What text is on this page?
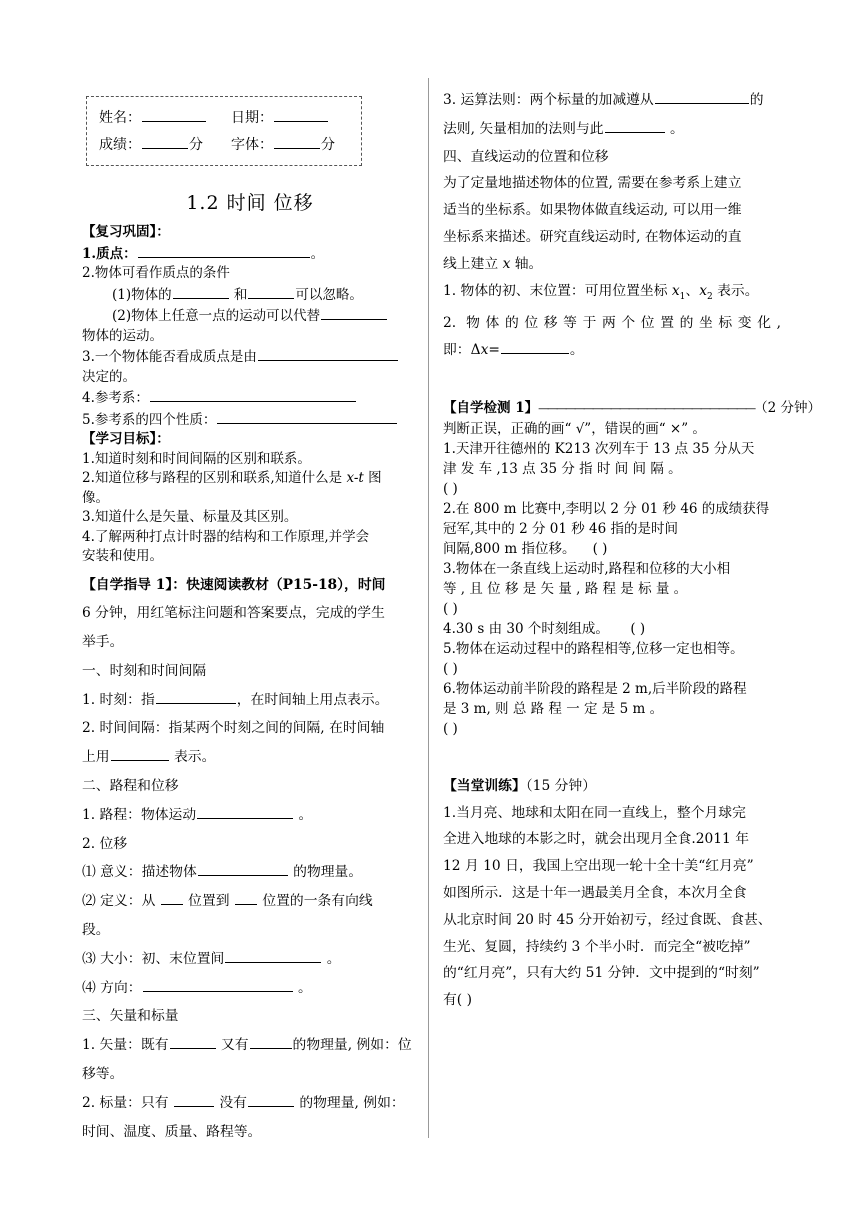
姓名：	日期：
成绩：	分	字体：	分
1.2 时间 位移

【复习巩固】：

1.质点：	。

2.物体可看作质点的条件

(1)物体的	和	可以忽略。

(2)物体上任意一点的运动可以代替

物体的运动。

3.一个物体能否看成质点是由

决定的。

4.参考系：

5.参考系的四个性质：

【学习目标】：

1.知道时刻和时间间隔的区别和联系。

2.知道位移与路程的区别和联系,知道什么是 x-t 图

像。

3.知道什么是矢量、标量及其区别。

4.了解两种打点计时器的结构和工作原理,并学会

安装和使用。

【自学指导 1】：快速阅读教材（P15-18），时间

6 分钟，用红笔标注问题和答案要点，完成的学生

举手。

一、时刻和时间间隔

1. 时刻：指	，在时间轴上用点表示。

2. 时间间隔：指某两个时刻之间的间隔, 在时间轴

上用	表示。

二、路程和位移

1. 路程：物体运动	。

2. 位移

⑴ 意义：描述物体	的物理量。

⑵ 定义：从 位置到 位置的一条有向线

段。

⑶ 大小：初、末位置间	。

⑷ 方向：	。

三、矢量和标量

1. 矢量：既有	又有	的物理量, 例如：位

移等。

2. 标量：只有	没有	的物理量, 例如：

时间、温度、质量、路程等。

3. 运算法则：两个标量的加减遵从	的

法则, 矢量相加的法则与此	。

四、直线运动的位置和位移

为了定量地描述物体的位置, 需要在参考系上建立

适当的坐标系。如果物体做直线运动, 可以用一维

坐标系来描述。研究直线运动时, 在物体运动的直

线上建立 x 轴。

1. 物体的初、末位置：可用位置坐标 $x_1$、$x_2$ 表示。

2. 物体的位移等于两个位置的坐标变化,

即：Δx=	。

【自学检测 1】————————————————————————（2 分钟）

判断正误，正确的画“ √”，错误的画“ ×” 。

1.天津开往德州的 K213 次列车于 13 点 35 分从天

津 发 车 ,13 点 35 分 指 时 间 间 隔 。

( )

2.在 800 m 比赛中,李明以 2 分 01 秒 46 的成绩获得

冠军,其中的 2 分 01 秒 46 指的是时间

间隔,800 m 指位移。 ( )

3.物体在一条直线上运动时,路程和位移的大小相

等 , 且 位 移 是 矢 量 , 路 程 是 标 量 。

( )

4.30 s 由 30 个时刻组成。 ( )

5.物体在运动过程中的路程相等,位移一定也相等。

( )

6.物体运动前半阶段的路程是 2 m,后半阶段的路程

是 3 m, 则 总 路 程 一 定 是 5 m 。

( )

【当堂训练】（15 分钟）

1.当月亮、地球和太阳在同一直线上，整个月球完

全进入地球的本影之时，就会出现月全食.2011 年

12 月 10 日，我国上空出现一轮十全十美“红月亮”

如图所示．这是十年一遇最美月全食，本次月全食

从北京时间 20 时 45 分开始初亏，经过食既、食甚、

生光、复圆，持续约 3 个半小时．而完全“被吃掉”

的“红月亮”，只有大约 51 分钟．文中提到的“时刻”

有( )
